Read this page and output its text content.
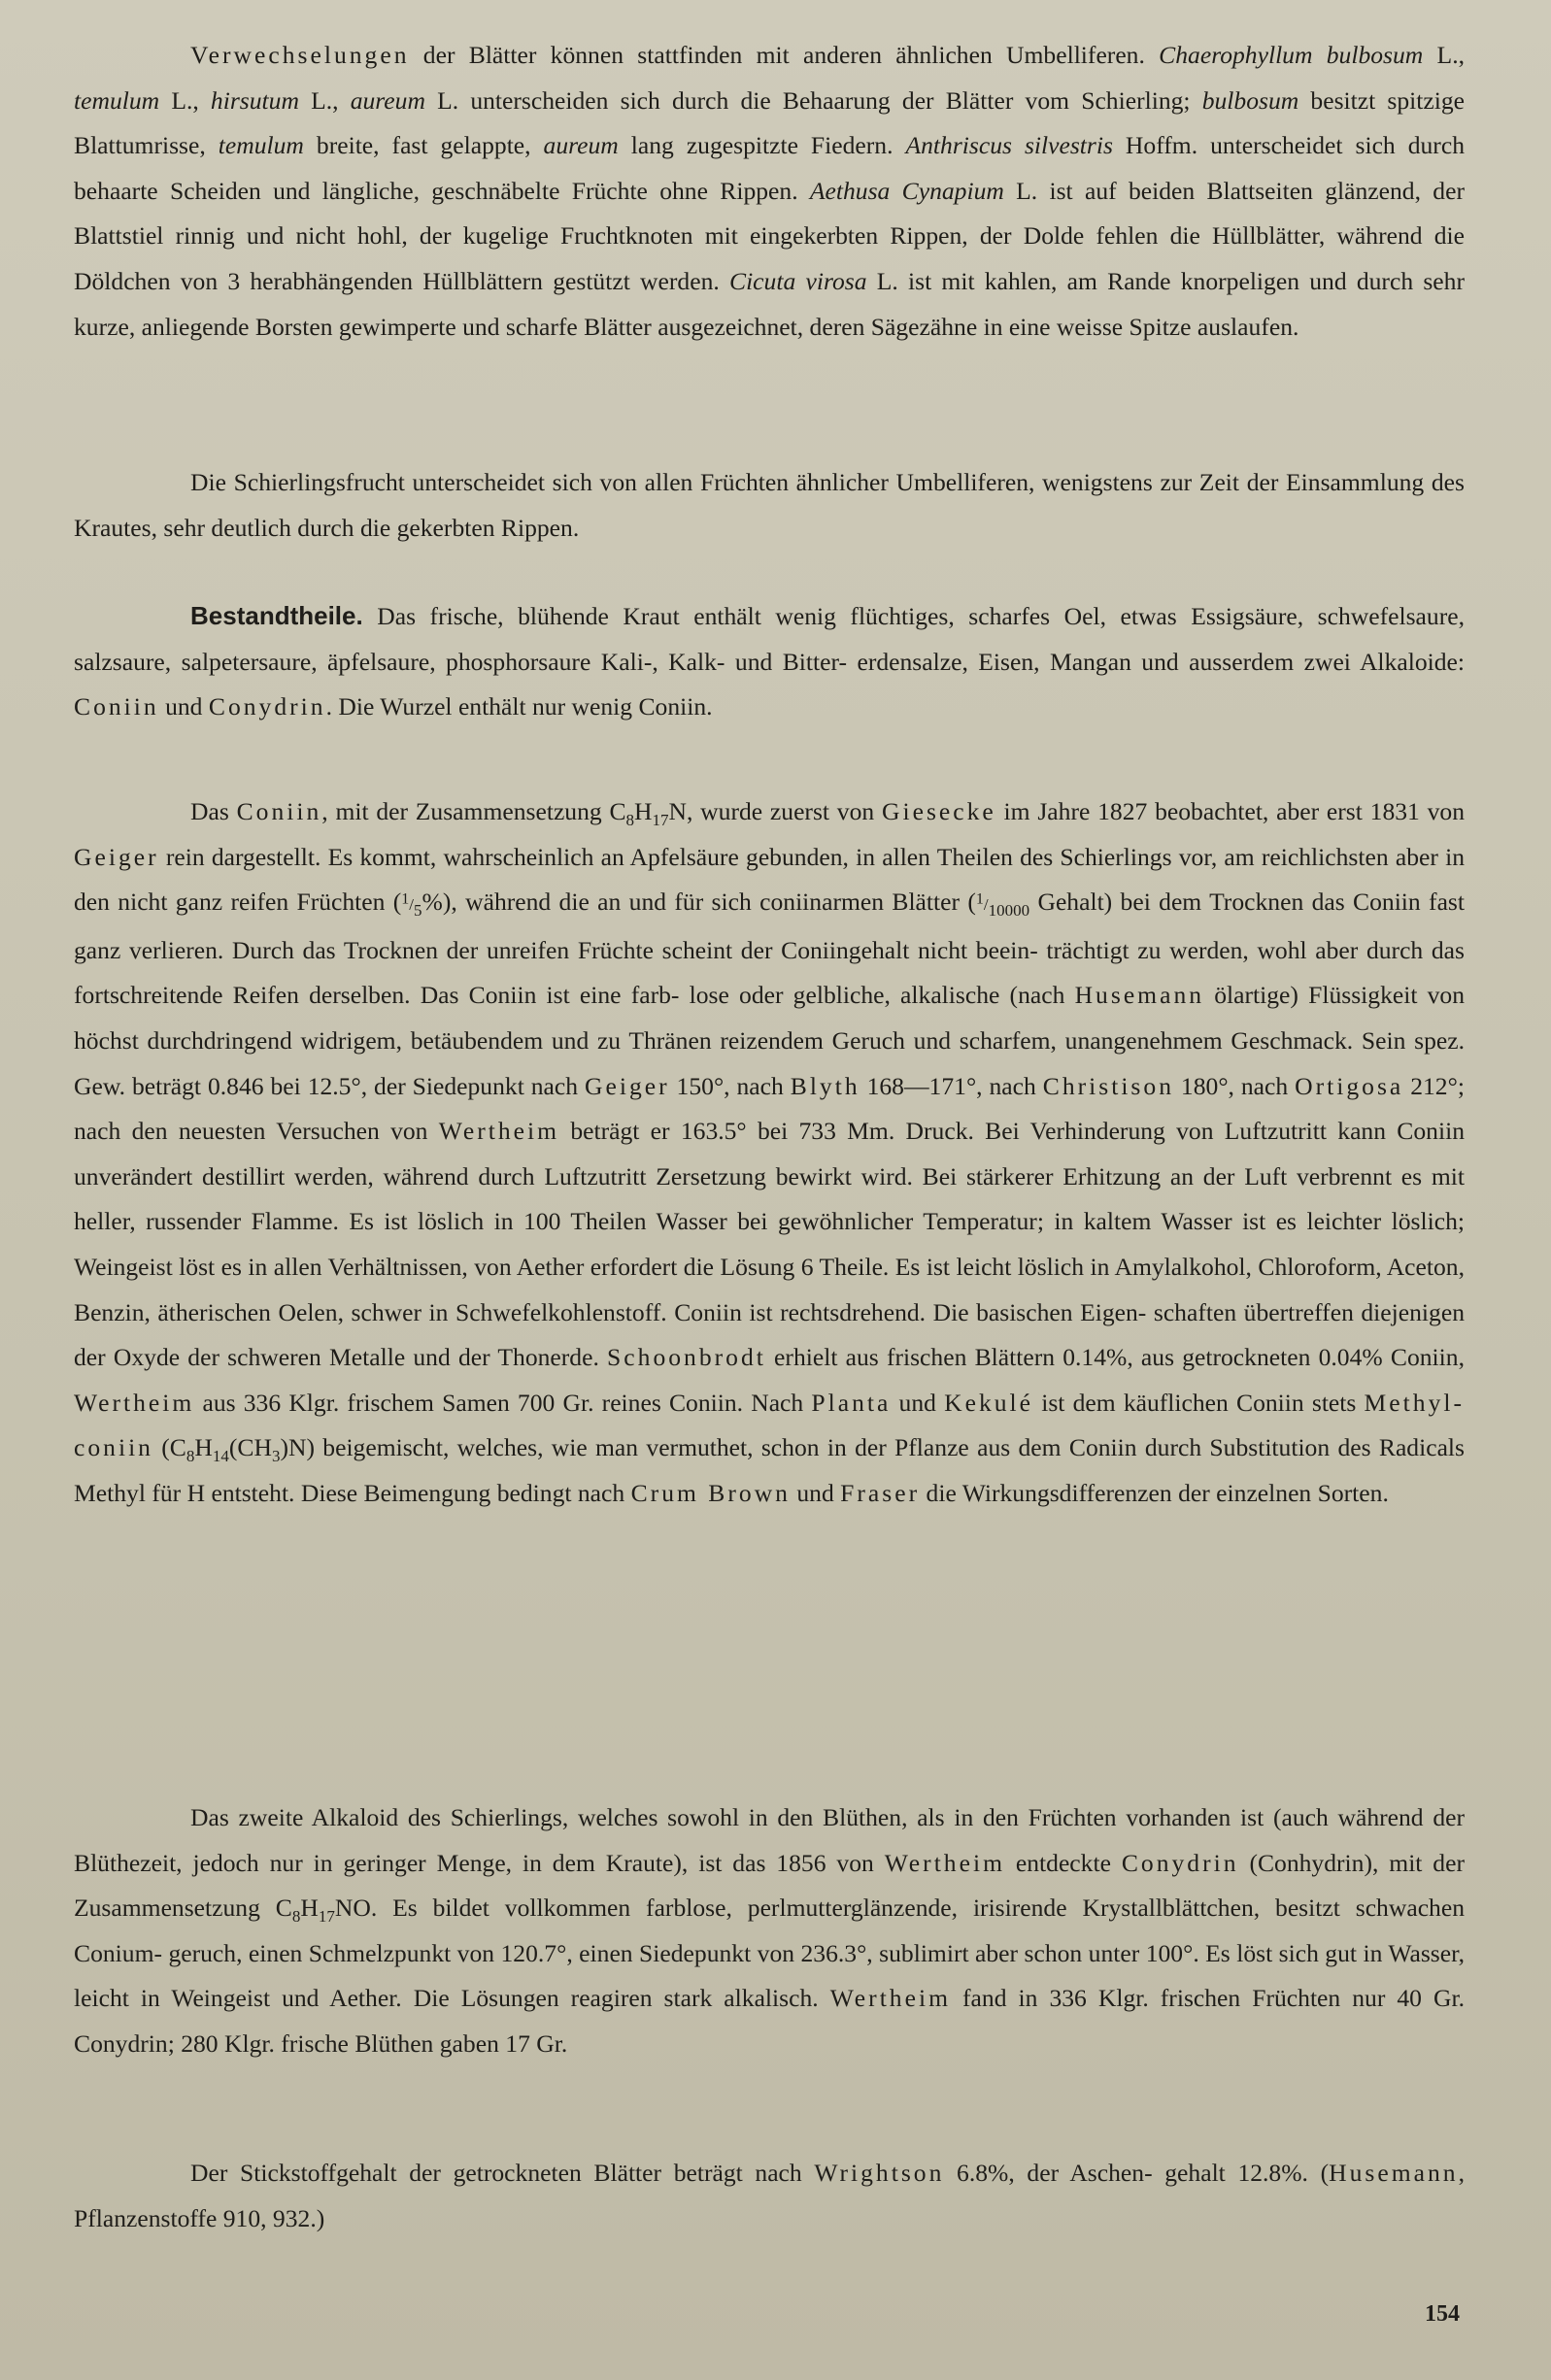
Verwechselungen der Blätter können stattfinden mit anderen ähnlichen Umbelliferen. Chaerophyllum bulbosum L., temulum L., hirsutum L., aureum L. unterscheiden sich durch die Behaarung der Blätter vom Schierling; bulbosum besitzt spitzige Blattumrisse, temulum breite, fast gelappte, aureum lang zugespitzte Fiedern. Anthriscus silvestris Hoffm. unterscheidet sich durch behaarte Scheiden und längliche, geschnäbelte Früchte ohne Rippen. Aethusa Cynapium L. ist auf beiden Blattseiten glänzend, der Blattstiel rinnig und nicht hohl, der kugelige Fruchtknoten mit eingekerbten Rippen, der Dolde fehlen die Hüllblätter, während die Döldchen von 3 herabhängenden Hüllblättern gestützt werden. Cicuta virosa L. ist mit kahlen, am Rande knorpeligen und durch sehr kurze, anliegende Borsten gewimperte und scharfe Blätter ausgezeichnet, deren Sägezähne in eine weisse Spitze auslaufen.

Die Schierlingsfrucht unterscheidet sich von allen Früchten ähnlicher Umbelliferen, wenigstens zur Zeit der Einsammlung des Krautes, sehr deutlich durch die gekerbten Rippen.

Bestandtheile. Das frische, blühende Kraut enthält wenig flüchtiges, scharfes Oel, etwas Essigsäure, schwefelsaure, salzsaure, salpetersaure, äpfelsaure, phosphorsaure Kali-, Kalk- und Bitter- erdensalze, Eisen, Mangan und ausserdem zwei Alkaloide: Coniin und Conydrin. Die Wurzel enthält nur wenig Coniin.

Das Coniin, mit der Zusammensetzung $C_8H_{17}N$, wurde zuerst von Giesecke im Jahre 1827 beobachtet, aber erst 1831 von Geiger rein dargestellt. Es kommt, wahrscheinlich an Apfelsäure gebunden, in allen Theilen des Schierlings vor, am reichlichsten aber in den nicht ganz reifen Früchten $(^1/_5\%)$, während die an und für sich coniinarmen Blätter ($^1/_{10000}$ Gehalt) bei dem Trocknen das Coniin fast ganz verlieren. Durch das Trocknen der unreifen Früchte scheint der Coniingehalt nicht beein- trächtigt zu werden, wohl aber durch das fortschreitende Reifen derselben. Das Coniin ist eine farb- lose oder gelbliche, alkalische (nach Husemann ölartige) Flüssigkeit von höchst durchdringend widrigem, betäubendem und zu Thränen reizendem Geruch und scharfem, unangenehmem Geschmack. Sein spez. Gew. beträgt 0.846 bei 12.5°, der Siedepunkt nach Geiger 150°, nach Blyth 168—171°, nach Christison 180°, nach Ortigosa 212°; nach den neuesten Versuchen von Wertheim beträgt er 163.5° bei 733 Mm. Druck. Bei Verhinderung von Luftzutritt kann Coniin unverändert destillirt werden, während durch Luftzutritt Zersetzung bewirkt wird. Bei stärkerer Erhitzung an der Luft verbrennt es mit heller, russender Flamme. Es ist löslich in 100 Theilen Wasser bei gewöhnlicher Temperatur; in kaltem Wasser ist es leichter löslich; Weingeist löst es in allen Verhältnissen, von Aether erfordert die Lösung 6 Theile. Es ist leicht löslich in Amylalkohol, Chloroform, Aceton, Benzin, ätherischen Oelen, schwer in Schwefelkohlenstoff. Coniin ist rechtsdrehend. Die basischen Eigen- schaften übertreffen diejenigen der Oxyde der schweren Metalle und der Thonerde. Schoonbrodt erhielt aus frischen Blättern 0.14%, aus getrockneten 0.04% Coniin, Wertheim aus 336 Klgr. frischem Samen 700 Gr. reines Coniin. Nach Planta und Kekulé ist dem käuflichen Coniin stets Methyl- coniin $(C_8H_{14}(CH_3)N)$ beigemischt, welches, wie man vermuthet, schon in der Pflanze aus dem Coniin durch Substitution des Radicals Methyl für H entsteht. Diese Beimengung bedingt nach Crum Brown und Fraser die Wirkungsdifferenzen der einzelnen Sorten.

Das zweite Alkaloid des Schierlings, welches sowohl in den Blüthen, als in den Früchten vorhanden ist (auch während der Blüthezeit, jedoch nur in geringer Menge, in dem Kraute), ist das 1856 von Wertheim entdeckte Conydrin (Conhydrin), mit der Zusammensetzung $C_8H_{17}NO$. Es bildet vollkommen farblose, perlmutterglänzende, irisirende Krystallblättchen, besitzt schwachen Conium- geruch, einen Schmelzpunkt von 120.7°, einen Siedepunkt von 236.3°, sublimirt aber schon unter 100°. Es löst sich gut in Wasser, leicht in Weingeist und Aether. Die Lösungen reagiren stark alkalisch. Wertheim fand in 336 Klgr. frischen Früchten nur 40 Gr. Conydrin; 280 Klgr. frische Blüthen gaben 17 Gr.

Der Stickstoffgehalt der getrockneten Blätter beträgt nach Wrightson 6.8%, der Aschen- gehalt 12.8%. (Husemann, Pflanzenstoffe 910, 932.)

154
